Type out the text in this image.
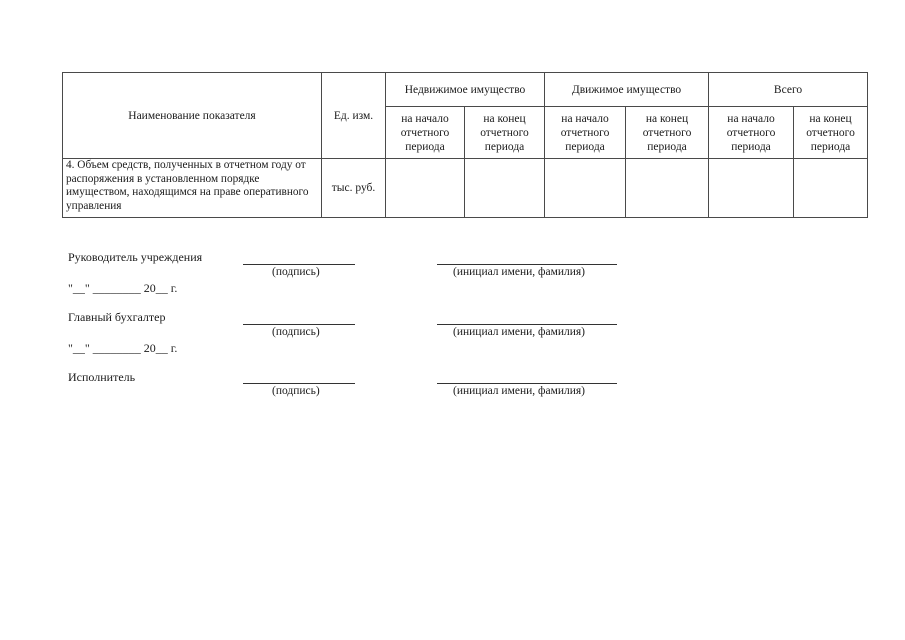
Наименование показателя	Ед. изм.	Недвижимое имущество		Движимое имущество		Всего	
		на начало отчетного периода	на конец отчетного периода	на начало отчетного периода	на конец отчетного периода	на начало отчетного периода	на конец отчетного периода
4. Объем средств, полученных в отчетном году от распоряжения в установленном порядке имуществом, находящимся на праве оперативного управления	тыс. руб.						
Руководитель учреждения
(подпись)	(инициал имени, фамилия)
"__" ________ 20__ г.
Главный бухгалтер
(подпись)	(инициал имени, фамилия)
"__" ________ 20__ г.
Исполнитель
(подпись)	(инициал имени, фамилия)
